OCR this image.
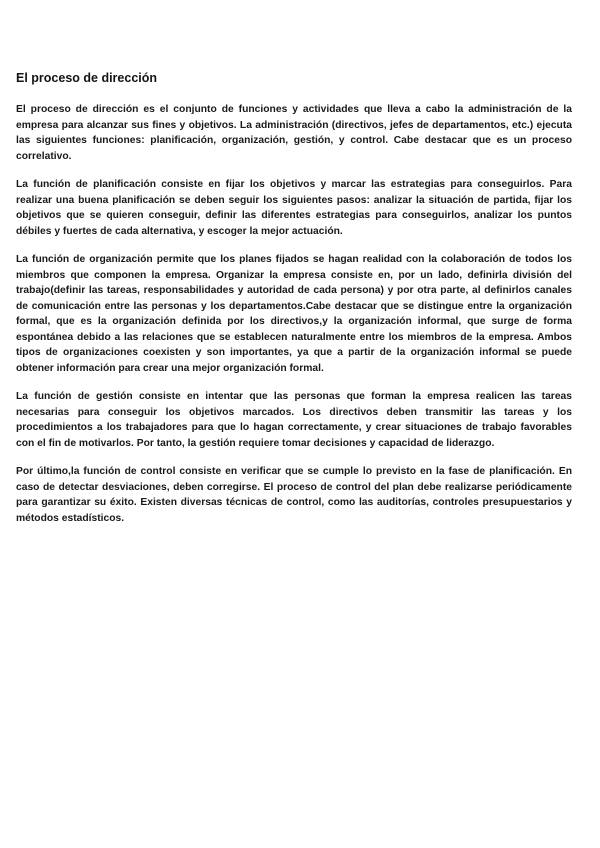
El proceso de dirección

El proceso de dirección es el conjunto de funciones y actividades que lleva a cabo la administración de la empresa para alcanzar sus fines y objetivos. La administración (directivos, jefes de departamentos, etc.) ejecuta las siguientes funciones: planificación, organización, gestión, y control. Cabe destacar que es un proceso correlativo.

La función de planificación consiste en fijar los objetivos y marcar las estrategias para conseguirlos. Para realizar una buena planificación se deben seguir los siguientes pasos: analizar la situación de partida, fijar los objetivos que se quieren conseguir, definir las diferentes estrategias para conseguirlos, analizar los puntos débiles y fuertes de cada alternativa, y escoger la mejor actuación.

La función de organización permite que los planes fijados se hagan realidad con la colaboración de todos los miembros que componen la empresa. Organizar la empresa consiste en, por un lado, definirla división del trabajo(definir las tareas, responsabilidades y autoridad de cada persona) y por otra parte, al definirlos canales de comunicación entre las personas y los departamentos.Cabe destacar que se distingue entre la organización formal, que es la organización definida por los directivos,y la organización informal, que surge de forma espontánea debido a las relaciones que se establecen naturalmente entre los miembros de la empresa. Ambos tipos de organizaciones coexisten y son importantes, ya que a partir de la organización informal se puede obtener información para crear una mejor organización formal.

La función de gestión consiste en intentar que las personas que forman la empresa realicen las tareas necesarias para conseguir los objetivos marcados. Los directivos deben transmitir las tareas y los procedimientos a los trabajadores para que lo hagan correctamente, y crear situaciones de trabajo favorables con el fin de motivarlos. Por tanto, la gestión requiere tomar decisiones y capacidad de liderazgo.

Por último,la función de control consiste en verificar que se cumple lo previsto en la fase de planificación. En caso de detectar desviaciones, deben corregirse. El proceso de control del plan debe realizarse periódicamente para garantizar su éxito. Existen diversas técnicas de control, como las auditorías, controles presupuestarios y métodos estadísticos.
